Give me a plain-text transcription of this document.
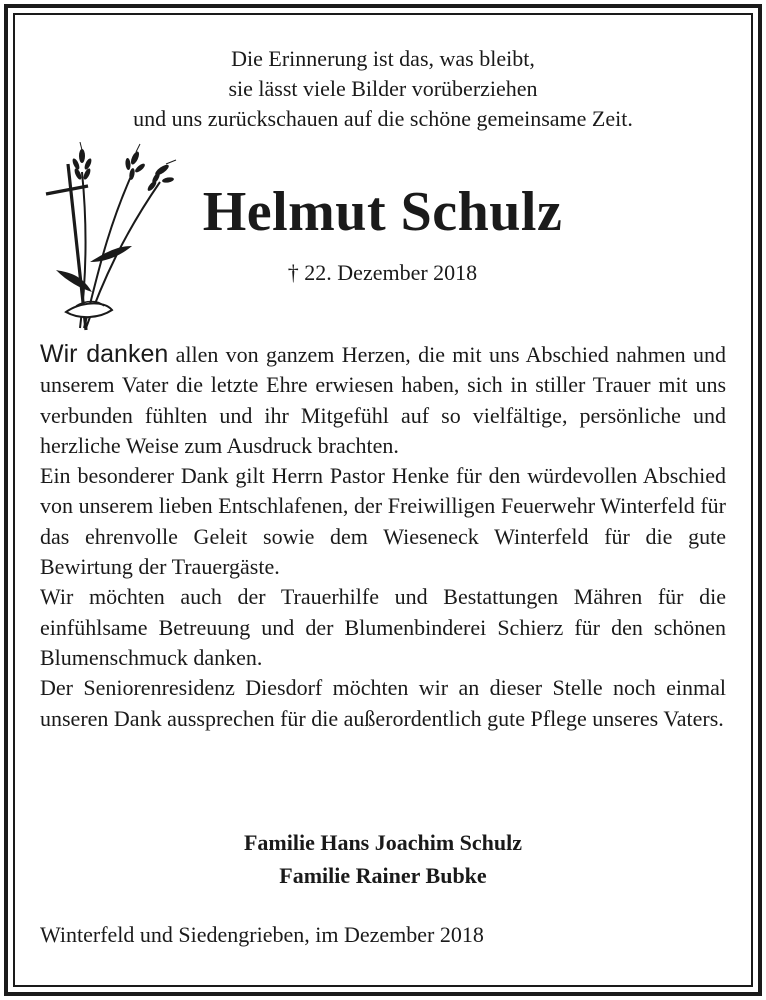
Die Erinnerung ist das, was bleibt,
sie lässt viele Bilder vorüberziehen
und uns zurückschauen auf die schöne gemeinsame Zeit.
Helmut Schulz
† 22. Dezember 2018

Wir danken allen von ganzem Herzen, die mit uns Abschied nahmen und unserem Vater die letzte Ehre erwiesen haben, sich in stiller Trauer mit uns verbunden fühlten und ihr Mitgefühl auf so vielfältige, persönliche und herzliche Weise zum Ausdruck brachten.

Ein besonderer Dank gilt Herrn Pastor Henke für den würdevollen Abschied von unserem lieben Entschlafenen, der Freiwilligen Feuerwehr Winterfeld für das ehrenvolle Geleit sowie dem Wieseneck Winterfeld für die gute Bewirtung der Trauergäste.

Wir möchten auch der Trauerhilfe und Bestattungen Mähren für die einfühlsame Betreuung und der Blumenbinderei Schierz für den schönen Blumenschmuck danken.

Der Seniorenresidenz Diesdorf möchten wir an dieser Stelle noch einmal unseren Dank aussprechen für die außerordentlich gute Pflege unseres Vaters.

Familie Hans Joachim Schulz
Familie Rainer Bubke
Winterfeld und Siedengrieben, im Dezember 2018
